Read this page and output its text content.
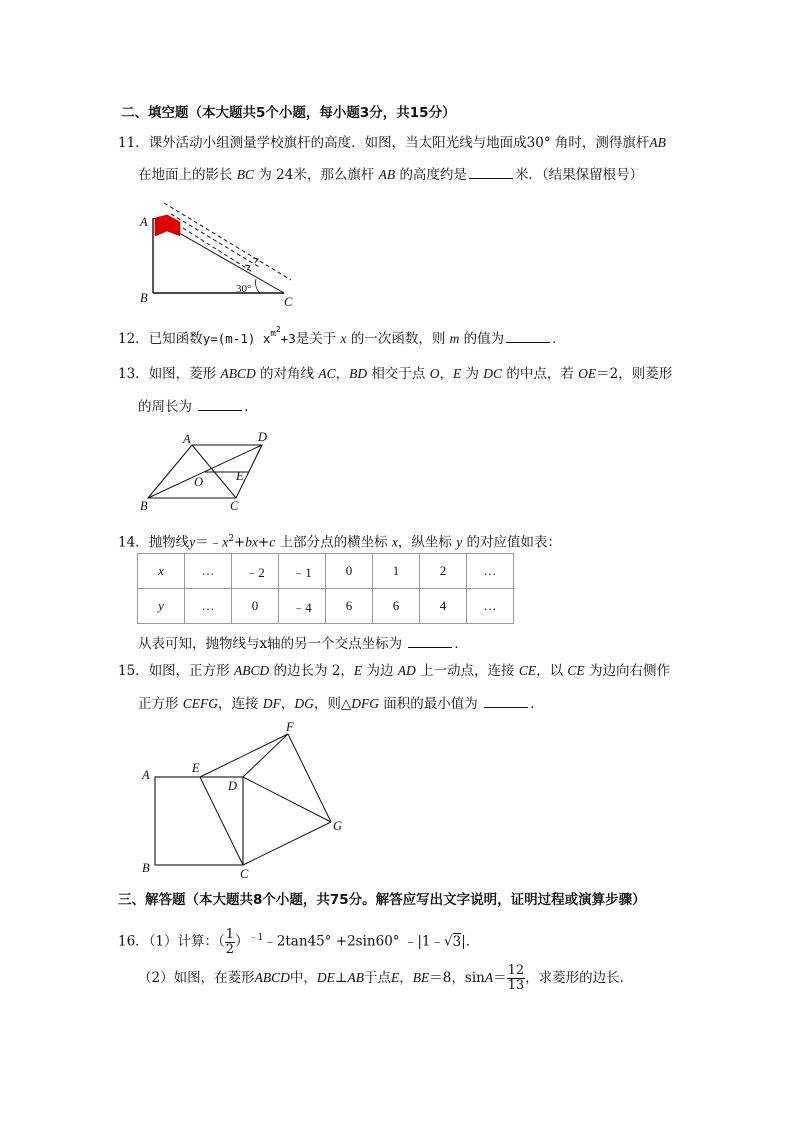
二、填空题（本大题共5个小题，每小题3分，共15分）
11．课外活动小组测量学校旗杆的高度．如图，当太阳光线与地面成30° 角时，测得旗杆AB
在地面上的影长 BC 为 24米，那么旗杆 AB 的高度约是	米．（结果保留根号）
A
B	C
30°
12．已知函数y=(m-1) $x^{m2}+3$是关于 x 的一次函数，则 m 的值为	．
13．如图，菱形 ABCD 的对角线 AC，BD 相交于点 O，E 为 DC 的中点，若 OE＝2，则菱形
的周长为	．
A	D
B	C
O	E
14．抛物线$y=﹣x^2+bx+c$ 上部分点的横坐标 x，纵坐标 y 的对应值如表：
x	…	﹣2	﹣1	0	1	2	…
y	…	0	﹣4	6	6	4	…
从表可知，抛物线与x轴的另一个交点坐标为	．
15．如图，正方形 ABCD 的边长为 2，E 为边 AD 上一动点，连接 CE，以 CE 为边向右侧作
正方形 CEFG，连接 DF，DG，则△DFG 面积的最小值为	．
A
B	C
D
E
F
G
三、解答题（本大题共8个小题，共75分。解答应写出文字说明，证明过程或演算步骤）
16．（1）计算：（ $\frac{1}{2}$ ）$^{﹣1}$﹣2tan45° +2sin60° ﹣|1﹣√3|．
（2）如图，在菱形ABCD中，DE⊥AB于点E，BE＝8，$\sin A= \frac{12}{13}$ ，求菱形的边长．
